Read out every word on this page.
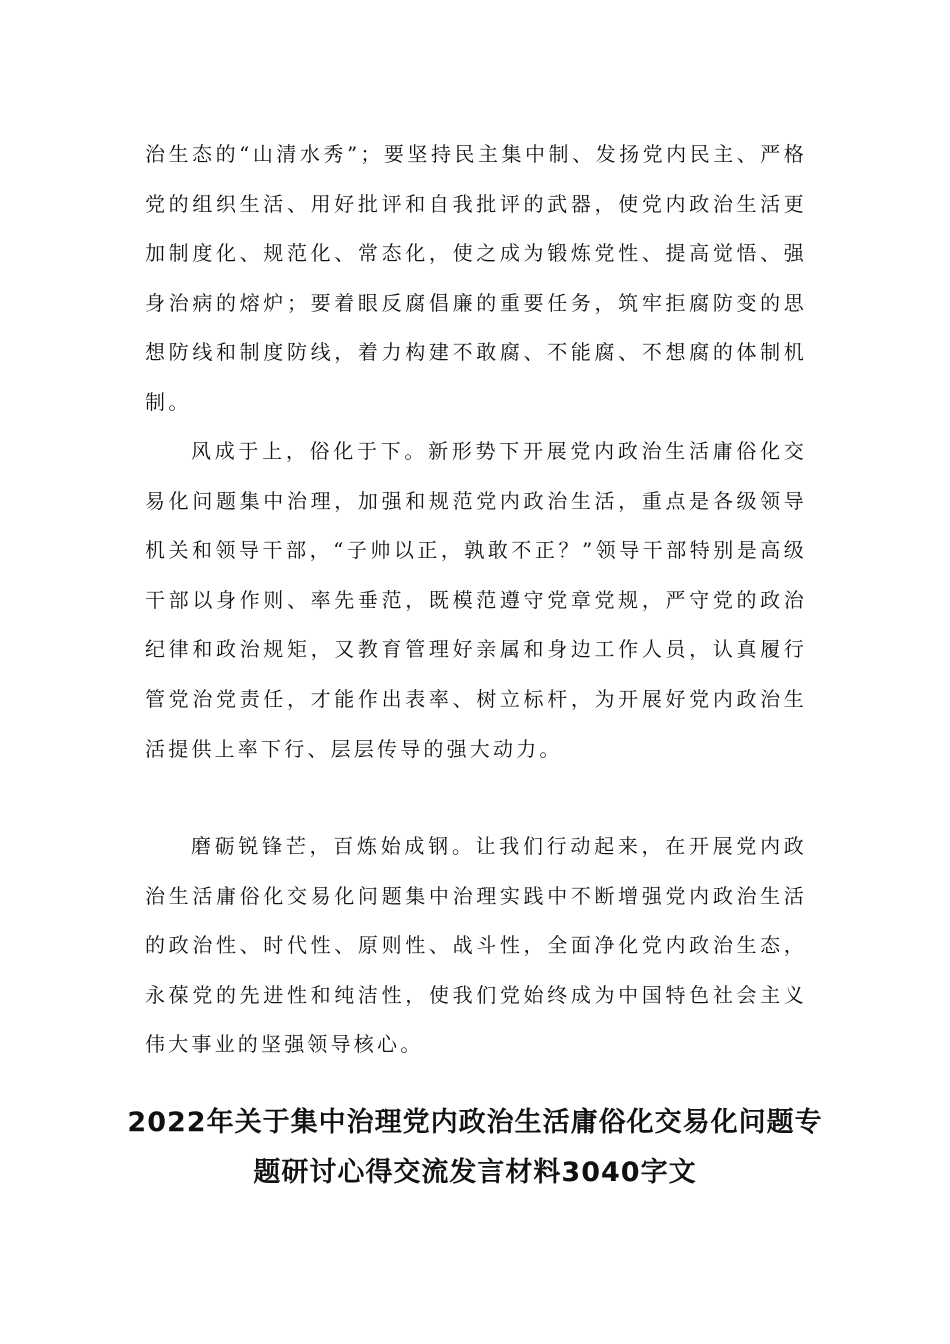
治生态的“山清水秀”；要坚持民主集中制、发扬党内民主、严格党的组织生活、用好批评和自我批评的武器，使党内政治生活更加制度化、规范化、常态化，使之成为锻炼党性、提高觉悟、强身治病的熔炉；要着眼反腐倡廉的重要任务，筑牢拒腐防变的思想防线和制度防线，着力构建不敢腐、不能腐、不想腐的体制机制。

风成于上，俗化于下。新形势下开展党内政治生活庸俗化交易化问题集中治理，加强和规范党内政治生活，重点是各级领导机关和领导干部，“子帅以正，孰敢不正？”领导干部特别是高级干部以身作则、率先垂范，既模范遵守党章党规，严守党的政治纪律和政治规矩，又教育管理好亲属和身边工作人员，认真履行管党治党责任，才能作出表率、树立标杆，为开展好党内政治生活提供上率下行、层层传导的强大动力。

磨砺锐锋芒，百炼始成钢。让我们行动起来，在开展党内政治生活庸俗化交易化问题集中治理实践中不断增强党内政治生活的政治性、时代性、原则性、战斗性，全面净化党内政治生态，永葆党的先进性和纯洁性，使我们党始终成为中国特色社会主义伟大事业的坚强领导核心。

2022年关于集中治理党内政治生活庸俗化交易化问题专题研讨心得交流发言材料3040字文
